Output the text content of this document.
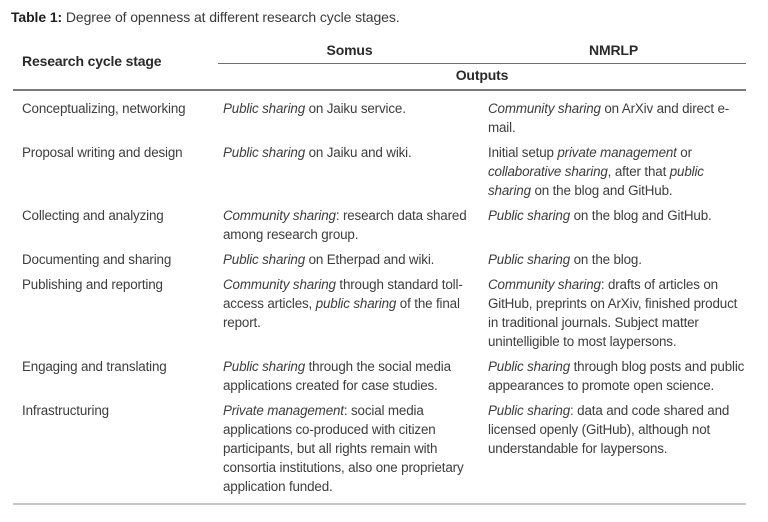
Table 1: Degree of openness at different research cycle stages.
Research cycle stage	Somus	NMRLP
	Outputs	
Conceptualizing, networking	Public sharing on Jaiku service.	Community sharing on ArXiv and direct e-mail.
Proposal writing and design	Public sharing on Jaiku and wiki.	Initial setup private management or collaborative sharing, after that public sharing on the blog and GitHub.
Collecting and analyzing	Community sharing: research data shared among research group.	Public sharing on the blog and GitHub.
Documenting and sharing	Public sharing on Etherpad and wiki.	Public sharing on the blog.
Publishing and reporting	Community sharing through standard toll-access articles, public sharing of the final report.	Community sharing: drafts of articles on GitHub, preprints on ArXiv, finished product in traditional journals. Subject matter unintelligible to most laypersons.
Engaging and translating	Public sharing through the social media applications created for case studies.	Public sharing through blog posts and public appearances to promote open science.
Infrastructuring	Private management: social media applications co-produced with citizen participants, but all rights remain with consortia institutions, also one proprietary application funded.	Public sharing: data and code shared and licensed openly (GitHub), although not understandable for laypersons.
